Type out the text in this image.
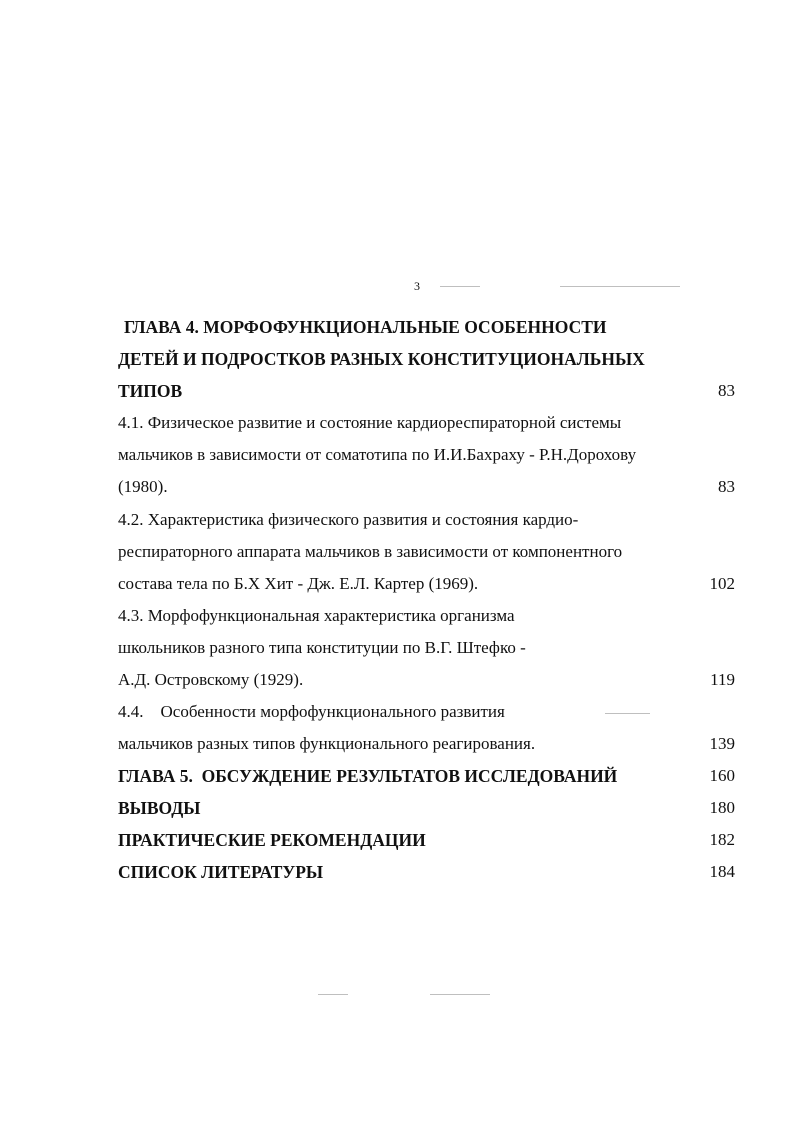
3
ГЛАВА 4. МОРФОФУНКЦИОНАЛЬНЫЕ ОСОБЕННОСТИ
ДЕТЕЙ И ПОДРОСТКОВ РАЗНЫХ КОНСТИТУЦИОНАЛЬНЫХ
ТИПОВ	83
4.1. Физическое развитие и состояние кардиореспираторной системы
мальчиков в зависимости от соматотипа по И.И.Бахраху - Р.Н.Дорохову
(1980).	83
4.2. Характеристика физического развития и состояния кардио-
респираторного аппарата мальчиков в зависимости от компонентного
состава тела по Б.Х Хит - Дж. Е.Л. Картер (1969).	102
4.3. Морфофункциональная характеристика организма
школьников разного типа конституции по В.Г. Штефко -
А.Д. Островскому (1929).	119
4.4.    Особенности морфофункционального развития
мальчиков разных типов функционального реагирования.	139
ГЛАВА 5.  ОБСУЖДЕНИЕ РЕЗУЛЬТАТОВ ИССЛЕДОВАНИЙ	160
ВЫВОДЫ	180
ПРАКТИЧЕСКИЕ РЕКОМЕНДАЦИИ	182
СПИСОК ЛИТЕРАТУРЫ	184
